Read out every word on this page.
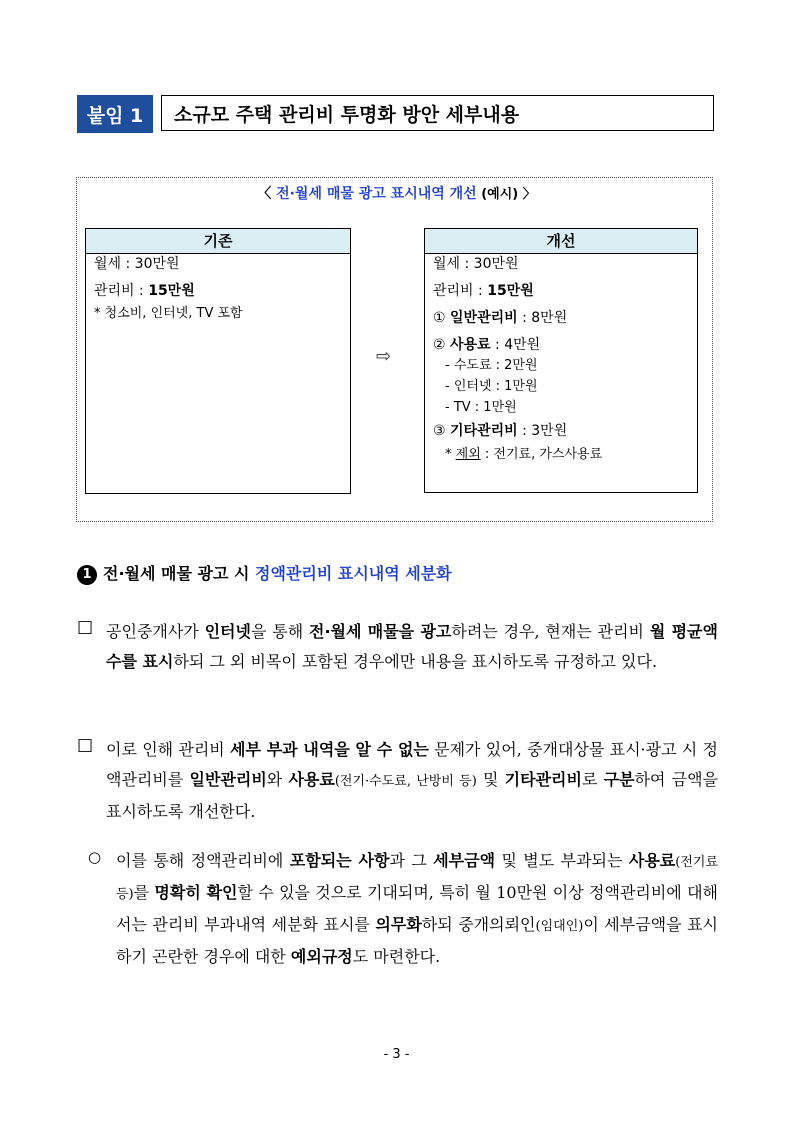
붙임 1	소규모 주택 관리비 투명화 방안 세부내용
〈 전·월세 매물 광고 표시내역 개선 (예시) 〉
기존

월세 : 30만원

관리비 : 15만원

* 청소비, 인터넷, TV 포함

⇨
개선

월세 : 30만원

관리비 : 15만원

① 일반관리비 : 8만원

② 사용료 : 4만원

- 수도료 : 2만원

- 인터넷 : 1만원

- TV : 1만원

③ 기타관리비 : 3만원

* 제외 : 전기료, 가스사용료

1 전·월세 매물 광고 시 정액관리비 표시내역 세분화
□ 공인중개사가 인터넷을 통해 전·월세 매물을 광고하려는 경우, 현재는 관리비 월 평균액수를 표시하되 그 외 비목이 포함된 경우에만 내용을 표시하도록 규정하고 있다.
□ 이로 인해 관리비 세부 부과 내역을 알 수 없는 문제가 있어, 중개대상물 표시·광고 시 정액관리비를 일반관리비와 사용료(전기·수도료, 난방비 등) 및 기타관리비로 구분하여 금액을 표시하도록 개선한다.
○ 이를 통해 정액관리비에 포함되는 사항과 그 세부금액 및 별도 부과되는 사용료(전기료 등)를 명확히 확인할 수 있을 것으로 기대되며, 특히 월 10만원 이상 정액관리비에 대해서는 관리비 부과내역 세분화 표시를 의무화하되 중개의뢰인(임대인)이 세부금액을 표시하기 곤란한 경우에 대한 예외규정도 마련한다.
- 3 -
